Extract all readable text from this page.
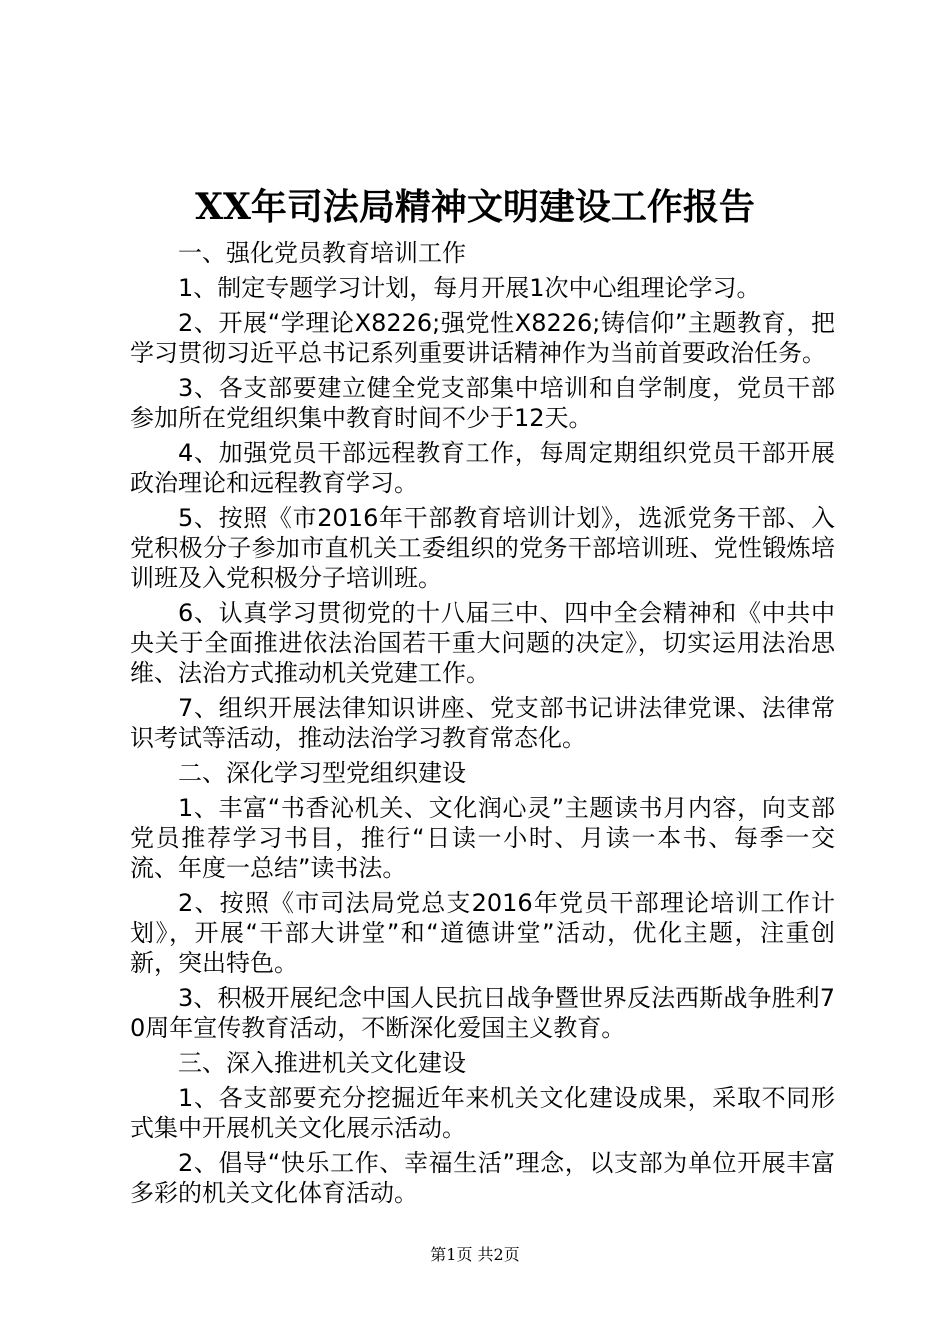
XX年司法局精神文明建设工作报告

一、强化党员教育培训工作

1、制定专题学习计划，每月开展1次中心组理论学习。

2、开展“学理论X8226;强党性X8226;铸信仰”主题教育，把学习贯彻习近平总书记系列重要讲话精神作为当前首要政治任务。

3、各支部要建立健全党支部集中培训和自学制度，党员干部参加所在党组织集中教育时间不少于12天。

4、加强党员干部远程教育工作，每周定期组织党员干部开展政治理论和远程教育学习。

5、按照《市2016年干部教育培训计划》，选派党务干部、入党积极分子参加市直机关工委组织的党务干部培训班、党性锻炼培训班及入党积极分子培训班。

6、认真学习贯彻党的十八届三中、四中全会精神和《中共中央关于全面推进依法治国若干重大问题的决定》，切实运用法治思维、法治方式推动机关党建工作。

7、组织开展法律知识讲座、党支部书记讲法律党课、法律常识考试等活动，推动法治学习教育常态化。

二、深化学习型党组织建设

1、丰富“书香沁机关、文化润心灵”主题读书月内容，向支部党员推荐学习书目，推行“日读一小时、月读一本书、每季一交流、年度一总结”读书法。

2、按照《市司法局党总支2016年党员干部理论培训工作计划》，开展“干部大讲堂”和“道德讲堂”活动，优化主题，注重创新，突出特色。

3、积极开展纪念中国人民抗日战争暨世界反法西斯战争胜利70周年宣传教育活动，不断深化爱国主义教育。

三、深入推进机关文化建设

1、各支部要充分挖掘近年来机关文化建设成果，采取不同形式集中开展机关文化展示活动。

2、倡导“快乐工作、幸福生活”理念，以支部为单位开展丰富多彩的机关文化体育活动。

第1页 共2页
